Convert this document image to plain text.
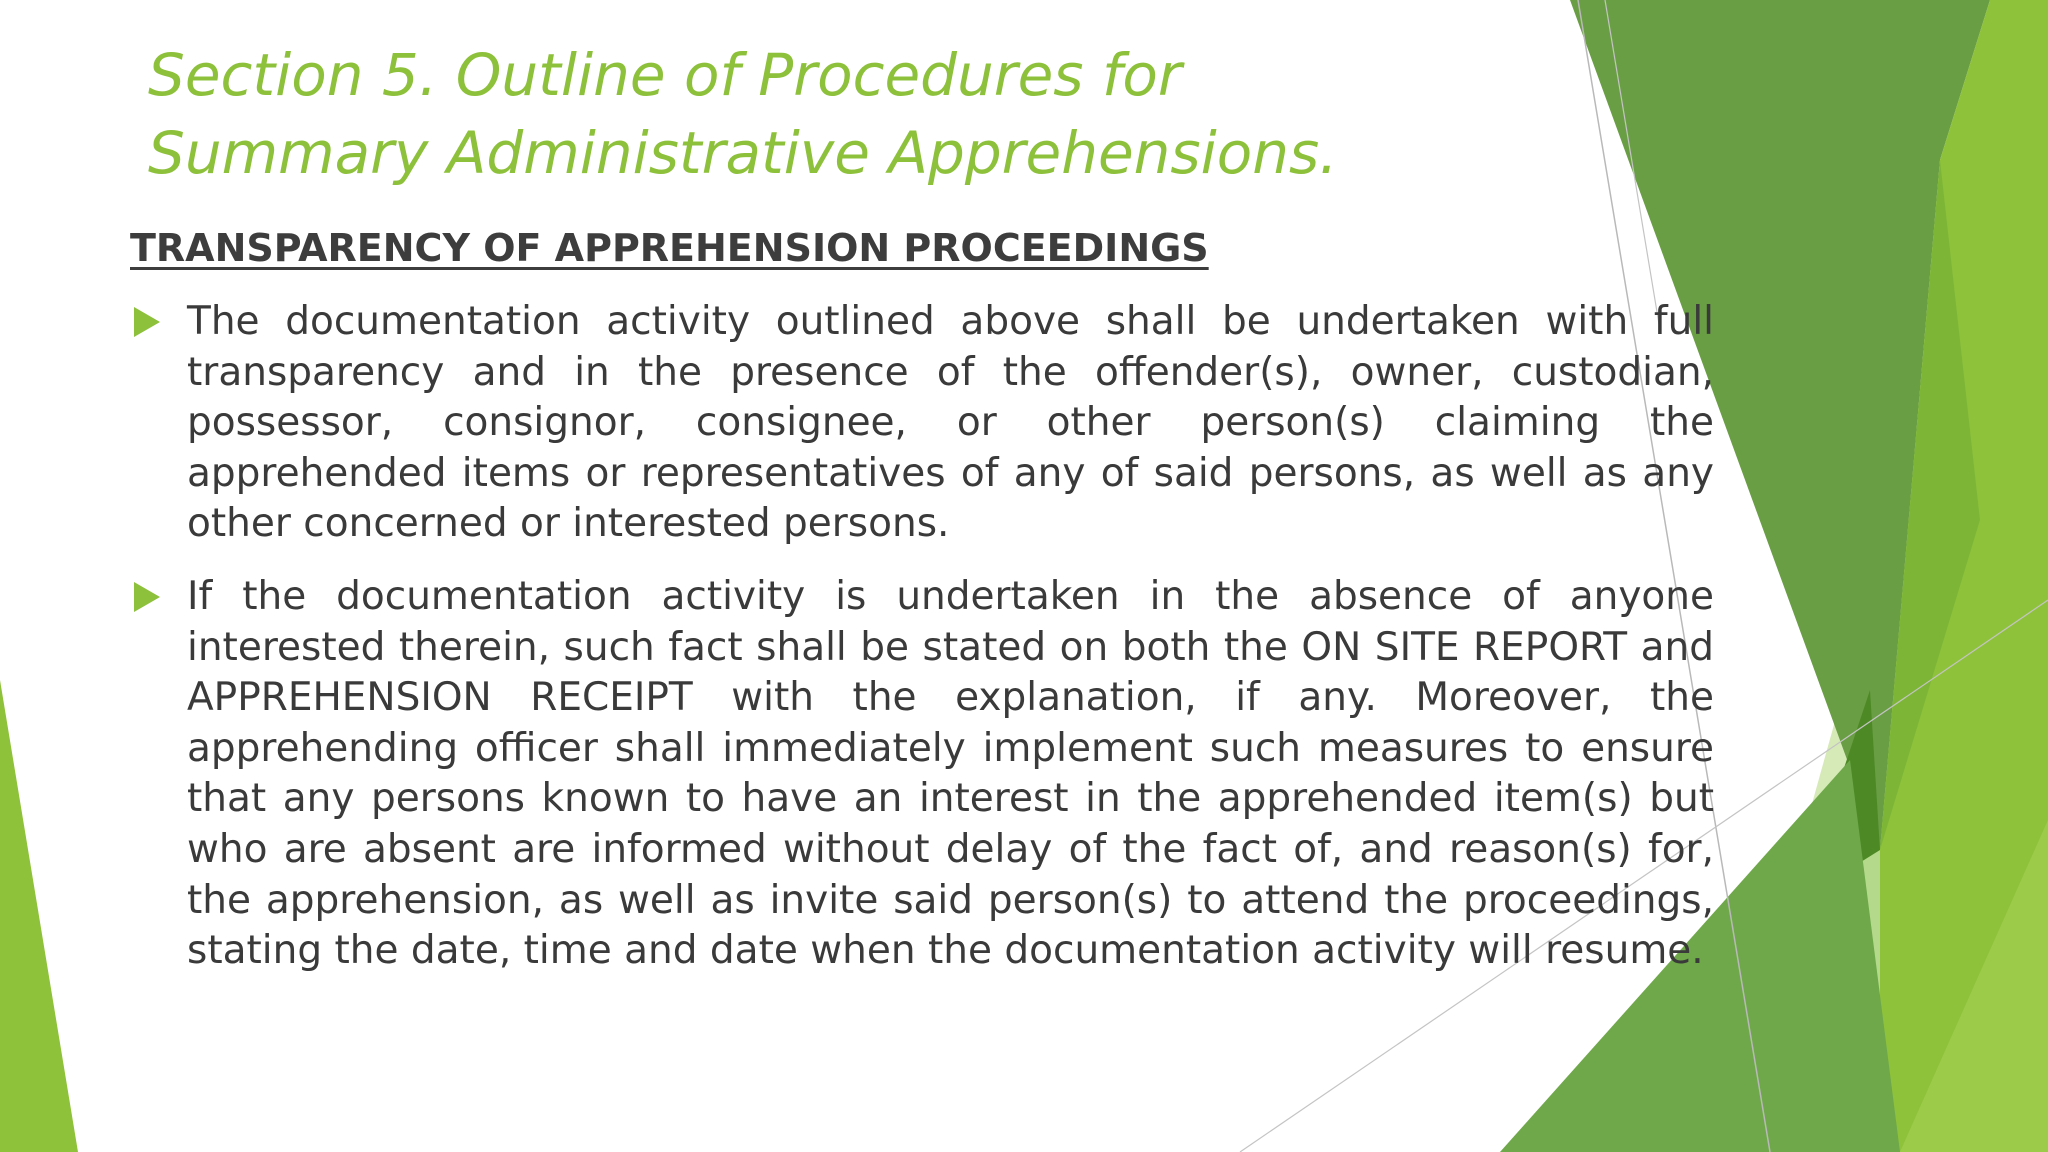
Section 5. Outline of Procedures for
Summary Administrative Apprehensions.
TRANSPARENCY OF APPREHENSION PROCEEDINGS
The documentation activity outlined above shall be undertaken with full transparency and in the presence of the offender(s), owner, custodian, possessor, consignor, consignee, or other person(s) claiming the apprehended items or representatives of any of said persons, as well as any other concerned or interested persons.
If the documentation activity is undertaken in the absence of anyone interested therein, such fact shall be stated on both the ON SITE REPORT and APPREHENSION RECEIPT with the explanation, if any. Moreover, the apprehending officer shall immediately implement such measures to ensure that any persons known to have an interest in the apprehended item(s) but who are absent are informed without delay of the fact of, and reason(s) for, the apprehension, as well as invite said person(s) to attend the proceedings, stating the date, time and date when the documentation activity will resume.
